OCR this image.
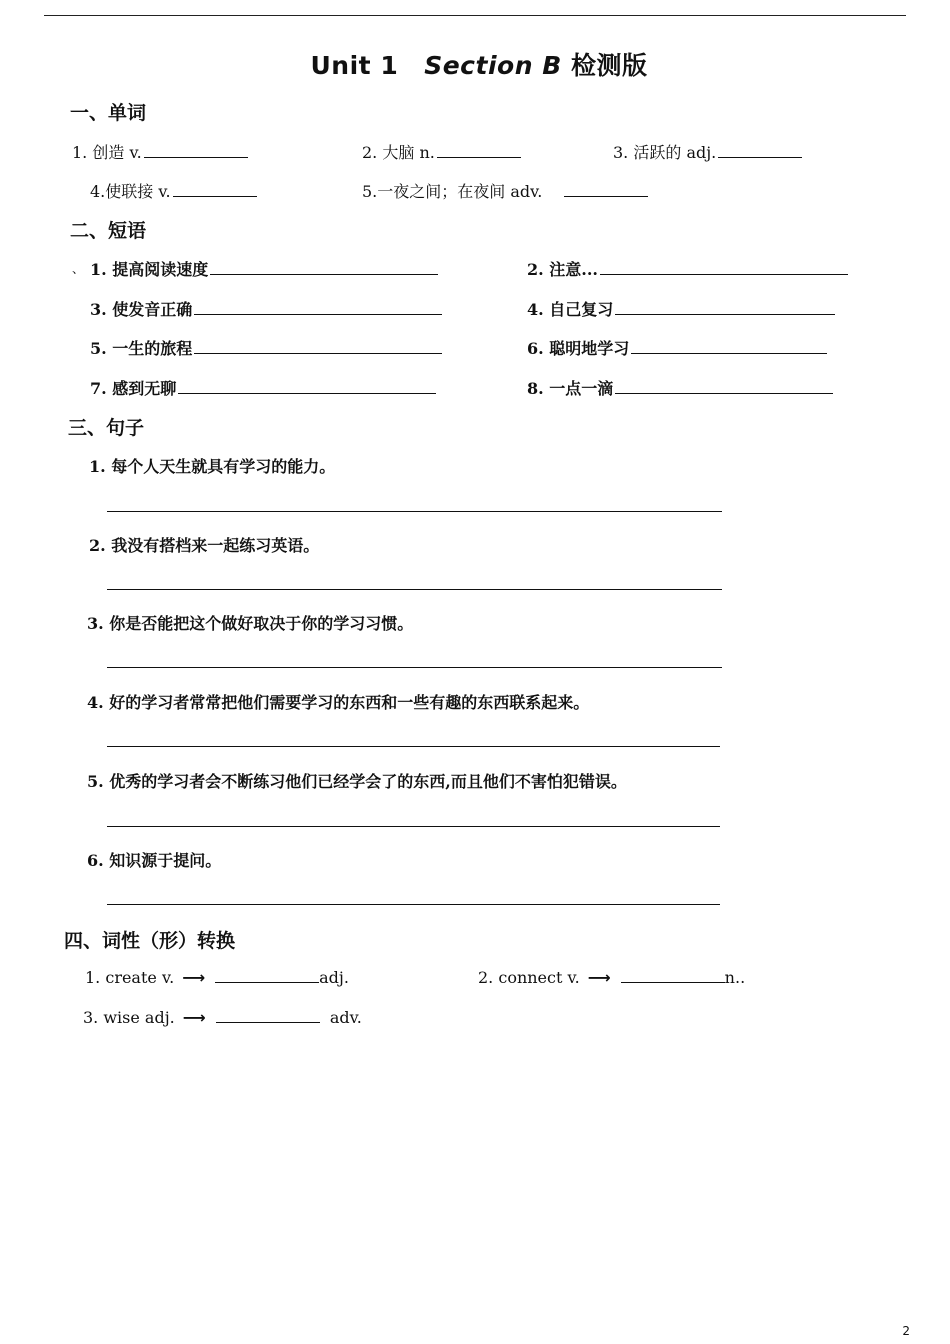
Unit 1 Section B 检测版
一、单词
1. 创造 v.	2. 大脑 n.	3. 活跃的 adj.
4.使联接 v.	5.一夜之间；在夜间 adv.
二、短语
、 1. 提高阅读速度	2. 注意...
3. 使发音正确	4. 自己复习
5. 一生的旅程	6. 聪明地学习
7. 感到无聊	8. 一点一滴
三、句子
1. 每个人天生就具有学习的能力。
2. 我没有搭档来一起练习英语。
3. 你是否能把这个做好取决于你的学习习惯。
4. 好的学习者常常把他们需要学习的东西和一些有趣的东西联系起来。
5. 优秀的学习者会不断练习他们已经学会了的东西,而且他们不害怕犯错误。
6. 知识源于提问。
四、词性（形）转换
1. create v. ⟶	adj.	2. connect v. ⟶	n..
3. wise adj. ⟶	adv.
2
